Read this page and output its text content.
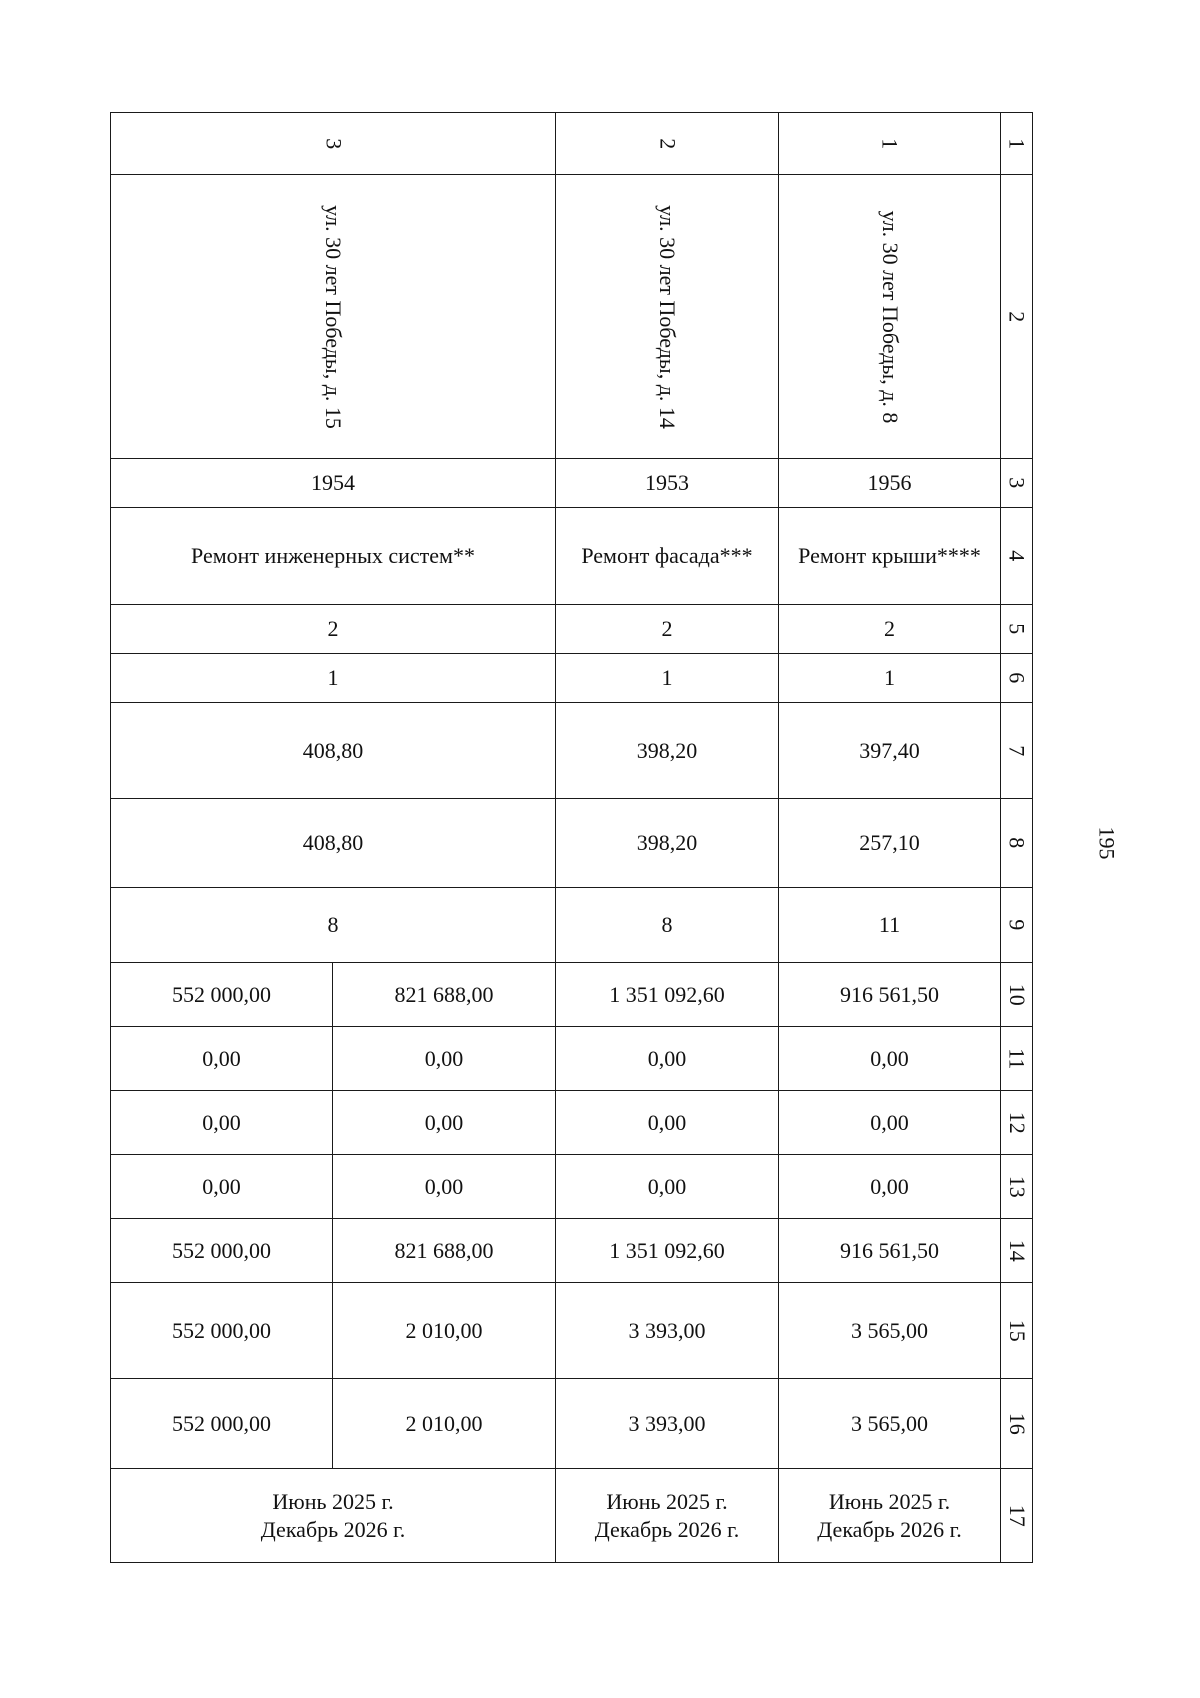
3		2	1	1

ул. 30 лет Победы, д. 15		ул. 30 лет Победы, д. 14	ул. 30 лет Победы, д. 8	2
1954		1953	1956	3
Ремонт инженерных систем**		Ремонт фасада***	Ремонт крыши****	4
2		2	2	5
1		1	1	6
408,80		398,20	397,40	7
408,80		398,20	257,10	8
8		8	11	9
552 000,00	821 688,00	1 351 092,60	916 561,50	10
0,00	0,00	0,00	0,00	11
0,00	0,00	0,00	0,00	12
0,00	0,00	0,00	0,00	13
552 000,00	821 688,00	1 351 092,60	916 561,50	14
552 000,00	2 010,00	3 393,00	3 565,00	15
552 000,00	2 010,00	3 393,00	3 565,00	16

Июнь 2025 г.
Декабрь 2026 г.		Июнь 2025 г.
Декабрь 2026 г.	Июнь 2025 г.
Декабрь 2026 г.	17
195
